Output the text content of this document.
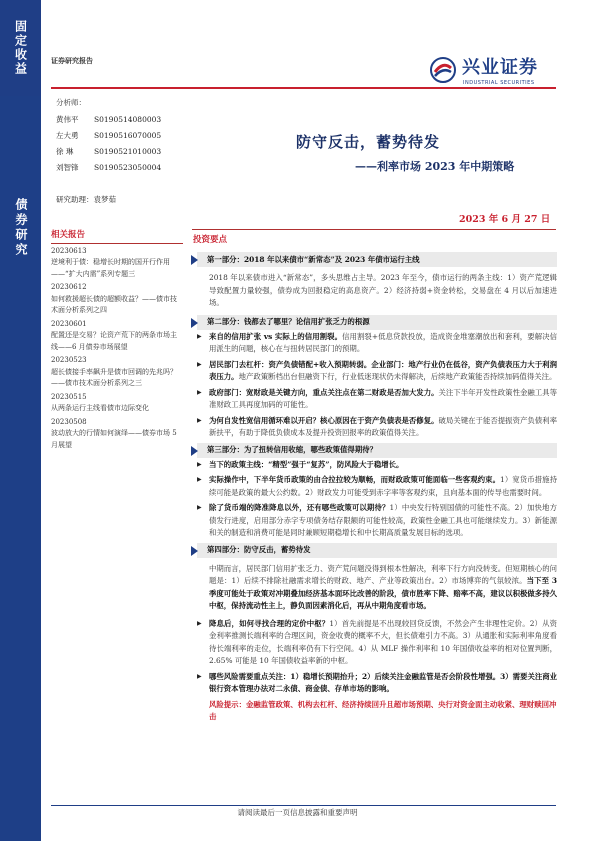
固定收益
债券研究
证券研究报告	兴业证券
INDUSTRIAL SECURITIES
分析师：
黄伟平	S0190514080003
左大勇	S0190516070005
徐 琳	S0190521010003
刘智锋	S0190523050004
研究助理：袁梦茹
防守反击，蓄势待发
——利率市场 2023 年中期策略
2023 年 6 月 27 日
相关报告
20230613
逆境利于债：稳增长时期的国开行作用——“扩大内需”系列专题三
20230612
如何救援超长债的超额收益？——债市技术面分析系列之四
20230601
配置还是交易？论资产荒下的两条市场主线——6 月债券市场展望
20230523
超长债接手率飙升是债市回调的先兆吗？——债市技术面分析系列之三
20230515
从两条运行主线看债市边际变化
20230508
波动放大的行情如何演绎——债券市场 5 月展望
投资要点
第一部分：2018 年以来债市“新常态”及 2023 年债市运行主线
2018 年以来债市进入“新常态”，多头思维占主导。2023 年至今，债市运行的两条主线：1）资产荒逻辑导致配置力量较强，债券成为回报稳定的高息资产。2）经济持弱+资金转松，交易盘在 4 月以后加速进场。
第二部分：钱都去了哪里？论信用扩张乏力的根源
▶ 来自的信用扩张 vs 实际上的信用割裂。信用割裂+低息贷款投放，造成资金堆塞潮放出和套利，要解决信用派生的问题，核心在与扭转居民部门的预期。
▶ 居民部门去杠杆：资产负债错配+收入预期转弱。企业部门：地产行业仍在低谷，资产负债表压力大于利润表压力。地产政策断档出台但融资下行，行业低迷现状仍未得解决，后续地产政策能否持续加码值得关注。
▶ 政府部门：宽财政是关键方向，重点关注点在第二财政是否加大发力。关注下半年开发性政策性金融工具等准财政工具再度加码的可能性。
▶ 为何自发性宽信用循环难以开启？核心原因在于资产负债表是否修复。破局关键在于能否提振资产负债利率新扶平，有助于降低负债成本及提升投资回报率的政策值得关注。
第三部分：为了扭转信用收缩，哪些政策值得期待？
▶ 当下的政策主线：“精型”强于“复苏”，防风险大于稳增长。
▶ 实际操作中，下半年货币政策的由合拉拉较为顺畅，而财政政策可能面临一些客观约束。1）宽货币措施持续可能是政策的最大公约数。2）财政发力可能受到赤字率等客观约束，且向基本面的传导也需要时间。
▶ 除了货币端的降准降息以外，还有哪些政策可以期待？1）中央发行特别国债的可能性不高。2）加快地方债发行进度，启用部分赤字专项债务结存限额的可能性较高，政策性金融工具也可能继续发力。3）新能源和关的制造和消费可能是同时兼顾短期稳增长和中长期高质量发展目标的选项。
第四部分：防守反击，蓄势待发
中期而言，居民部门信用扩张乏力、资产荒问题没得到根本性解决，利率下行方向没转变。但短期核心的问题是：1）后续不排除社融需求增长的财政、地产、产业等政策出台。2）市场博弈的气氛较浓。当下至 3 季度可能处于政策对冲期叠加经济基本面环比改善的阶段，债市胜率下降、赔率不高，建议以积极做多持久中枢，保持流动性主上，静负面因素消化后，再从中期角度看市场。
▶ 降息后，如何寻找合理的定价中枢？1）首先前提是不出现较回贷反馈，不然会产生非理性定价。2）从资金利率推测长端利率的合理区间，资金收费的概率不大，但长债难引力不高。3）从通胀和实际利率角度看待长端利率的走位，长端利率仍有下行空间。4）从 MLF 操作利率和 10 年国债收益率的相对位置判断，2.65% 可能是 10 年国债收益率新的中枢。
▶ 哪些风险需要重点关注：1）稳增长预期抬升；2）后续关注金融监管是否会阶段性增强。3）需要关注商业银行资本管理办法对二永债、商金债、存单市场的影响。
风险提示：金融监管政策、机构去杠杆、经济持续回升且超市场预期、央行对资金面主动收紧、理财赎回冲击
请阅读最后一页信息披露和重要声明
